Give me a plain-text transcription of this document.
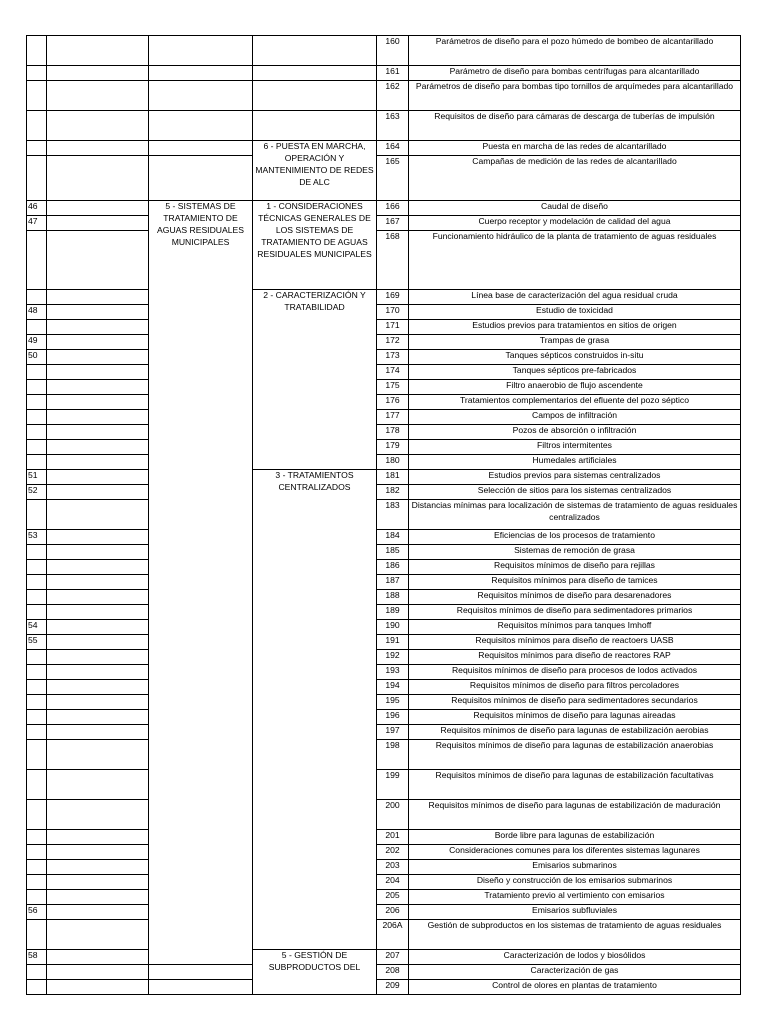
				160	Parámetros de diseño para el pozo húmedo de bombeo de alcantarillado
				161	Parámetro de diseño para bombas centrífugas para alcantarillado
				162	Parámetros de diseño para bombas tipo tornillos de arquímedes para alcantarillado
				163	Requisitos de diseño para cámaras de descarga de tuberías de impulsión
			6 - PUESTA EN MARCHA, OPERACIÓN Y MANTENIMIENTO DE REDES DE ALC	164	Puesta en marcha de las redes de alcantarillado
				165	Campañas de medición de las redes de alcantarillado
46		5 - SISTEMAS DE TRATAMIENTO DE AGUAS RESIDUALES MUNICIPALES	1 - CONSIDERACIONES TÉCNICAS GENERALES DE LOS SISTEMAS DE TRATAMIENTO DE AGUAS RESIDUALES MUNICIPALES	166	Caudal de diseño
47				167	Cuerpo receptor y modelación de calidad del agua
				168	Funcionamiento hidráulico de la planta de tratamiento de aguas residuales
			2 - CARACTERIZACIÓN Y TRATABILIDAD	169	Línea base de caracterización del agua residual cruda
48				170	Estudio de toxicidad
				171	Estudios previos para tratamientos en sitios de origen
49				172	Trampas de grasa
50				173	Tanques sépticos construidos in-situ
				174	Tanques sépticos pre-fabricados
				175	Filtro anaerobio de flujo ascendente
				176	Tratamientos complementarios del efluente del pozo séptico
				177	Campos de infiltración
				178	Pozos de absorción o infiltración
				179	Filtros intermitentes
				180	Humedales artificiales
51			3 - TRATAMIENTOS CENTRALIZADOS	181	Estudios previos para sistemas centralizados
52				182	Selección de sitios para los sistemas centralizados
				183	Distancias mínimas para localización de sistemas de tratamiento de aguas residuales centralizados
53				184	Eficiencias de los procesos de tratamiento
				185	Sistemas de remoción de grasa
				186	Requisitos mínimos de diseño para rejillas
				187	Requisitos mínimos para diseño de tamices
				188	Requisitos mínimos de diseño para desarenadores
				189	Requisitos mínimos de diseño para sedimentadores primarios
54				190	Requisitos mínimos para tanques Imhoff
55				191	Requisitos mínimos para diseño de reactoers UASB
				192	Requisitos mínimos para diseño de reactores RAP
				193	Requisitos mínimos de diseño para procesos de lodos activados
				194	Requisitos mínimos de diseño para filtros percoladores
				195	Requisitos mínimos de diseño para sedimentadores secundarios
				196	Requisitos mínimos de diseño para lagunas aireadas
				197	Requisitos mínimos de diseño para lagunas de estabilización aerobias
				198	Requisitos mínimos de diseño para lagunas de estabilización anaerobias
				199	Requisitos mínimos de diseño para lagunas de estabilización facultativas
				200	Requisitos mínimos de diseño para lagunas de estabilización de maduración
				201	Borde libre para lagunas de estabilización
				202	Consideraciones comunes para los diferentes sistemas lagunares
				203	Emisarios submarinos
				204	Diseño y construcción de los emisarios submarinos
				205	Tratamiento previo al vertimiento con emisarios
56				206	Emisarios subfluviales
				206A	Gestión de subproductos en los sistemas de tratamiento de aguas residuales
58			5 - GESTIÓN DE SUBPRODUCTOS DEL	207	Caracterización de lodos y biosólidos
				208	Caracterización de gas
				209	Control de olores en plantas de tratamiento
